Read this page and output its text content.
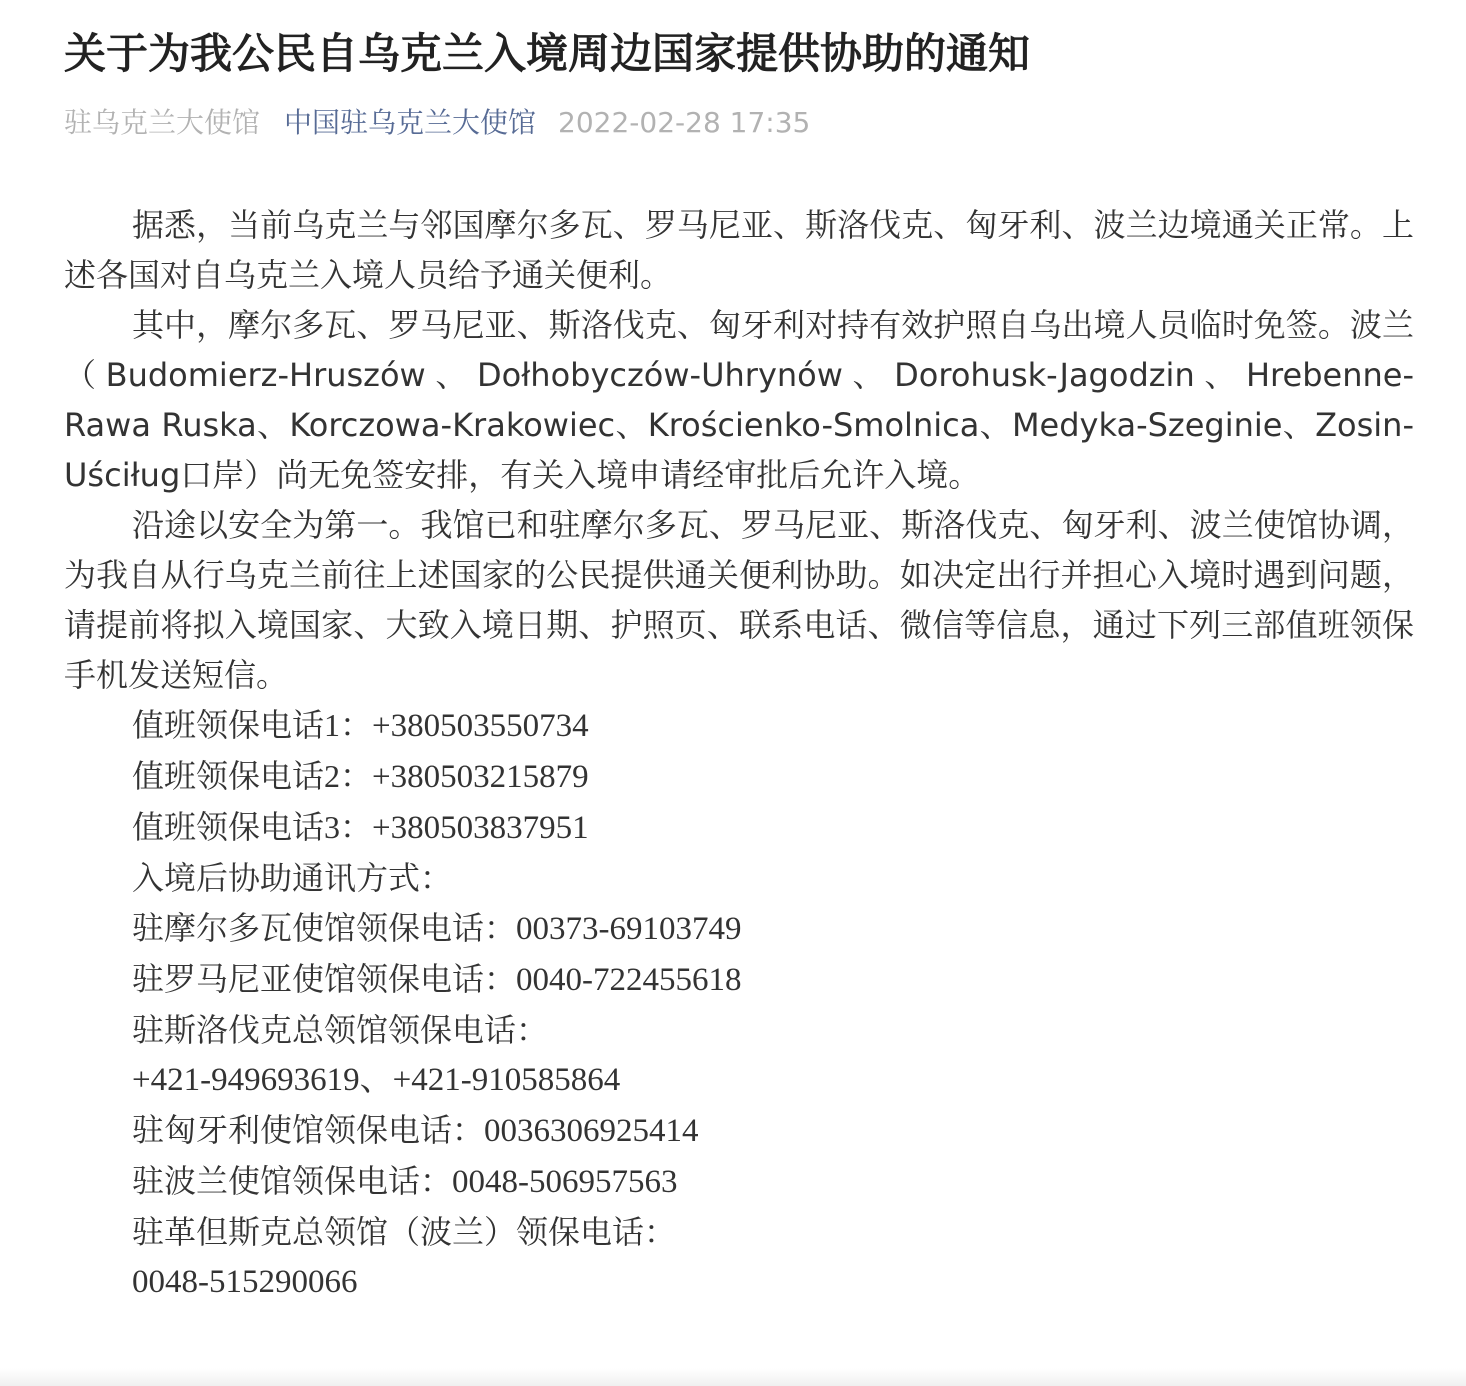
关于为我公民自乌克兰入境周边国家提供协助的通知
驻乌克兰大使馆 中国驻乌克兰大使馆 2022-02-28 17:35

据悉，当前乌克兰与邻国摩尔多瓦、罗马尼亚、斯洛伐克、匈牙利、波兰边境通关正常。上述各国对自乌克兰入境人员给予通关便利。

其中，摩尔多瓦、罗马尼亚、斯洛伐克、匈牙利对持有效护照自乌出境人员临时免签。波兰（Budomierz-Hruszów、Dołhobyczów-Uhrynów、Dorohusk-Jagodzin、Hrebenne-Rawa Ruska、Korczowa-Krakowiec、Krościenko-Smolnica、Medyka-Szeginie、Zosin-Uściług口岸）尚无免签安排，有关入境申请经审批后允许入境。

沿途以安全为第一。我馆已和驻摩尔多瓦、罗马尼亚、斯洛伐克、匈牙利、波兰使馆协调，为我自从行乌克兰前往上述国家的公民提供通关便利协助。如决定出行并担心入境时遇到问题，请提前将拟入境国家、大致入境日期、护照页、联系电话、微信等信息，通过下列三部值班领保手机发送短信。

值班领保电话1：+380503550734

值班领保电话2：+380503215879

值班领保电话3：+380503837951

入境后协助通讯方式：

驻摩尔多瓦使馆领保电话：00373-69103749

驻罗马尼亚使馆领保电话：0040-722455618

驻斯洛伐克总领馆领保电话：

+421-949693619、+421-910585864

驻匈牙利使馆领保电话：0036306925414

驻波兰使馆领保电话：0048-506957563

驻革但斯克总领馆（波兰）领保电话：

0048-515290066
